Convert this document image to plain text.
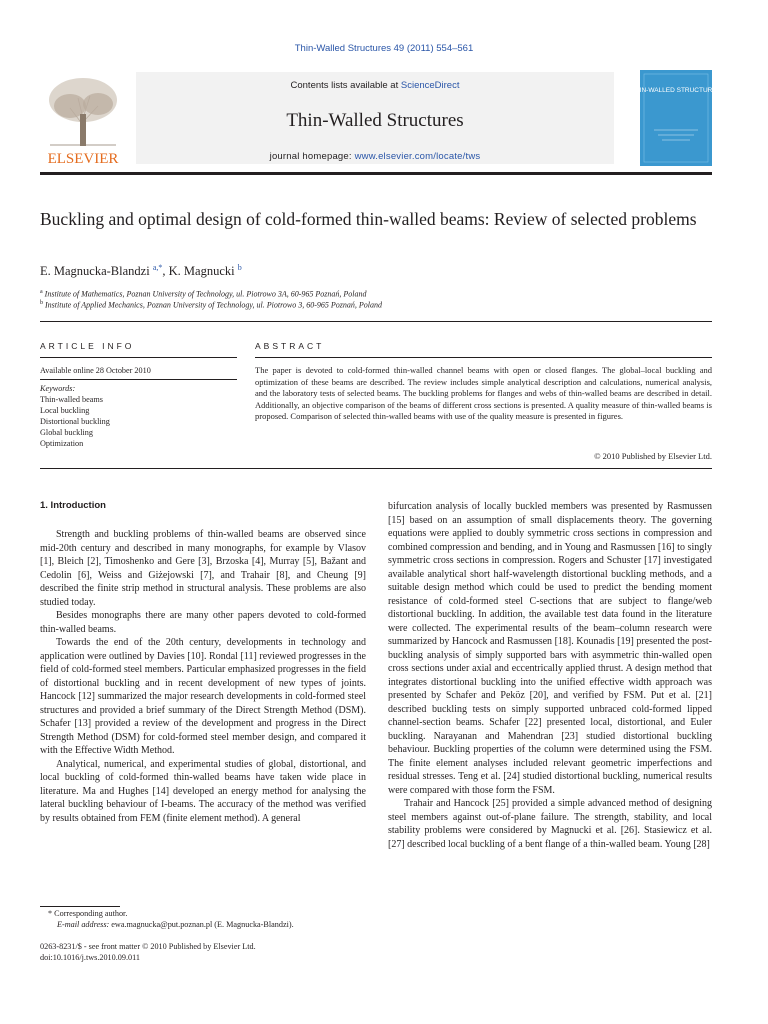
Thin-Walled Structures 49 (2011) 554–561
ELSEVIER
Contents lists available at ScienceDirect
Thin-Walled Structures
journal homepage: www.elsevier.com/locate/tws
THIN-WALLED STRUCTURES
Buckling and optimal design of cold-formed thin-walled beams: Review of selected problems
E. Magnucka-Blandzi $^{a,*}$, K. Magnucki $^b$
$^a$ Institute of Mathematics, Poznan University of Technology, ul. Piotrowo 3A, 60-965 Poznań, Poland
$^b$ Institute of Applied Mechanics, Poznan University of Technology, ul. Piotrowo 3, 60-965 Poznań, Poland
ARTICLE INFO
Available online 28 October 2010
Keywords:
Thin-walled beams
Local buckling
Distortional buckling
Global buckling
Optimization
ABSTRACT
The paper is devoted to cold-formed thin-walled channel beams with open or closed flanges. The global–local buckling and optimization of these beams are described. The review includes simple analytical description and calculations, numerical analysis, and the laboratory tests of selected beams. The buckling problems for flanges and webs of thin-walled beams are described in detail. Additionally, an objective comparison of the beams of different cross sections is presented. A quality measure of thin-walled beams is proposed. Comparison of selected thin-walled beams with use of the quality measure is presented in figures.
© 2010 Published by Elsevier Ltd.
1. Introduction

Strength and buckling problems of thin-walled beams are observed since mid-20th century and described in many monographs, for example by Vlasov [1], Bleich [2], Timoshenko and Gere [3], Brzoska [4], Murray [5], Bažant and Cedolin [6], Weiss and Giżejowski [7], and Trahair [8], and Cheung [9] described the finite strip method in structural analysis. These problems are also studied today.

Besides monographs there are many other papers devoted to cold-formed thin-walled beams.

Towards the end of the 20th century, developments in technology and application were outlined by Davies [10]. Rondal [11] reviewed progresses in the field of cold-formed steel members. Particular emphasized progresses in the field of distortional buckling and in recent development of new types of joints. Hancock [12] summarized the major research developments in cold-formed steel structures and provided a brief summary of the Direct Strength Method (DSM). Schafer [13] provided a review of the development and progress in the Direct Strength Method (DSM) for cold-formed steel member design, and compared it with the Effective Width Method.

Analytical, numerical, and experimental studies of global, distortional, and local buckling of cold-formed thin-walled beams have taken wide place in literature. Ma and Hughes [14] developed an energy method for analysing the lateral buckling behaviour of I-beams. The accuracy of the method was verified by results obtained from FEM (finite element method). A general

bifurcation analysis of locally buckled members was presented by Rasmussen [15] based on an assumption of small displacements theory. The governing equations were applied to doubly symmetric cross sections in compression and combined compression and bending, and in Young and Rasmussen [16] to singly symmetric cross sections in compression. Rogers and Schuster [17] investigated available analytical short half-wavelength distortional buckling methods, and a suitable design method which could be used to predict the bending moment resistance of cold-formed steel C-sections that are subject to flange/web distortional buckling. In addition, the available test data found in the literature were collected. The experimental results of the beam–column research were summarized by Hancock and Rasmussen [18]. Kounadis [19] presented the post-buckling analysis of simply supported bars with asymmetric thin-walled open cross sections under axial and eccentrically applied thrust. A design method that integrates distortional buckling into the unified effective width approach was presented by Schafer and Peköz [20], and verified by FSM. Put et al. [21] described buckling tests on simply supported unbraced cold-formed lipped channel-section beams. Schafer [22] presented local, distortional, and Euler buckling. Narayanan and Mahendran [23] studied distortional buckling behaviour. Buckling properties of the column were determined using the FSM. The finite element analyses included relevant geometric imperfections and residual stresses. Teng et al. [24] studied distortional buckling, numerical results were compared with those form the FSM.

Trahair and Hancock [25] provided a simple advanced method of designing steel members against out-of-plane failure. The strength, stability, and local stability problems were considered by Magnucki et al. [26]. Stasiewicz et al. [27] described local buckling of a bent flange of a thin-walled beam. Young [28]

* Corresponding author.
E-mail address: ewa.magnucka@put.poznan.pl (E. Magnucka-Blandzi).
0263-8231/$ - see front matter © 2010 Published by Elsevier Ltd.
doi:10.1016/j.tws.2010.09.011
